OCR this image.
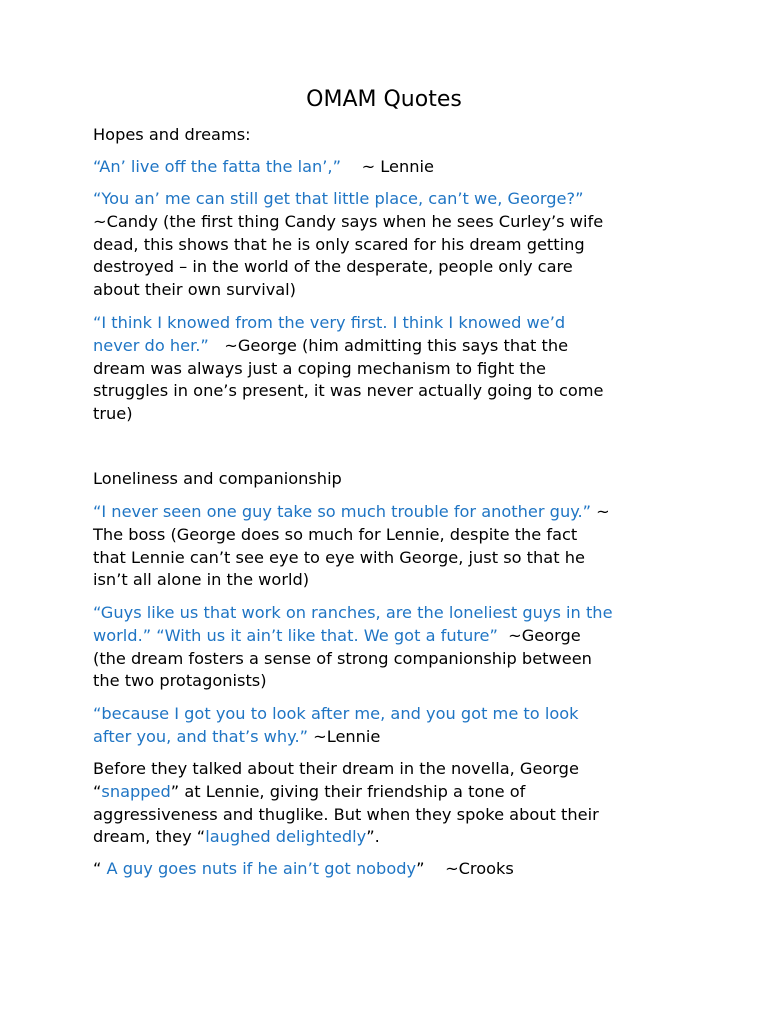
OMAM Quotes
Hopes and dreams:
“An’ live off the fatta the lan’,” ~ Lennie
“You an’ me can still get that little place, can’t we, George?”
~Candy (the first thing Candy says when he sees Curley’s wife
dead, this shows that he is only scared for his dream getting
destroyed – in the world of the desperate, people only care
about their own survival)
“I think I knowed from the very first. I think I knowed we’d
never do her.” ~George (him admitting this says that the
dream was always just a coping mechanism to fight the
struggles in one’s present, it was never actually going to come
true)
Loneliness and companionship
“I never seen one guy take so much trouble for another guy.” ~
The boss (George does so much for Lennie, despite the fact
that Lennie can’t see eye to eye with George, just so that he
isn’t all alone in the world)
“Guys like us that work on ranches, are the loneliest guys in the
world.” “With us it ain’t like that. We got a future” ~George
(the dream fosters a sense of strong companionship between
the two protagonists)
“because I got you to look after me, and you got me to look
after you, and that’s why.” ~Lennie
Before they talked about their dream in the novella, George
“snapped” at Lennie, giving their friendship a tone of
aggressiveness and thuglike. But when they spoke about their
dream, they “laughed delightedly”.
“ A guy goes nuts if he ain’t got nobody” ~Crooks
